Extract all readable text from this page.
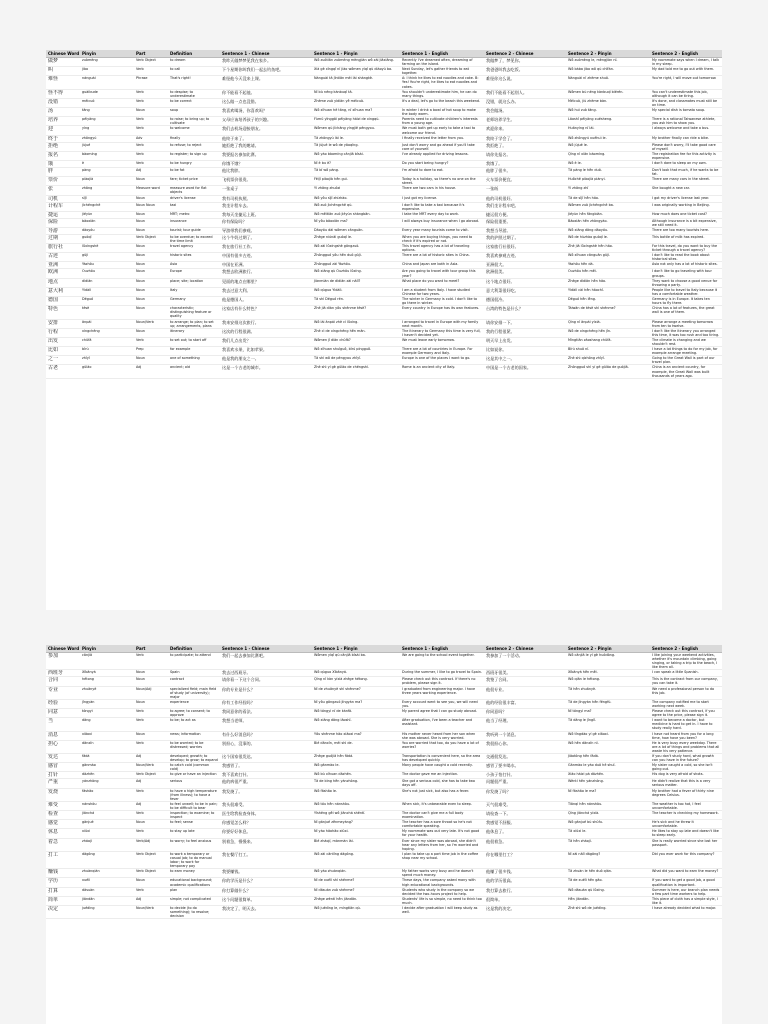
Chinese Word	Pinyin	Part	Definition	Sentence 1 - Chinese	Sentence 1 - Pinyin	Sentence 1 - English	Sentence 2 - Chinese	Sentence 2 - Pinyin	Sentence 2 - English
做梦	zuòmèng	Verb Object	to dream	我昨天做梦梦见我在家乡。	Wǒ zuótiān zuòmèng mèngjiàn wǒ zài jiāxiāng.	Recently I've dreamed often, dreaming of farming on the island.	我做梦了，梦见你。	Wǒ zuòmèng le, mèngjiàn nǐ.	My roommate says when I dream, I talk in my sleep.
叫	jiào	Verb	to call	下个星期你叫我们一起去钓鱼吧。	Xià gè xīngqī nǐ jiào wǒmen yìqǐ qù diàoyú ba.	Next Sunday, let's gather friends to eat together.	我爸爸叫我去吃饭。	Wǒ bàba jiào wǒ qù chīfàn.	My dad told me to go out with them.
难怪	nánguài	Phrase	That's right!	难怪他今天没来上课。	Nánguài tā jīntiān méi lái shàngkè.	A: I think he likes to eat noodles and cake. B: Yes! You're right, he likes to eat noodles and cakes.	难怪你这么说。	Nánguài nǐ zhème shuō.	You're right, I will move out tomorrow.
怪不得	guàibude	Verb	to despise; to underestimate	你不能看不起他。	Nǐ bù néng kànbuqǐ tā.	You shouldn't underestimate him, he can do many things.	我们不能看不起别人。	Wǒmen bù néng kànbuqǐ biérén.	You can't underestimate this job, although it can be tiring.
没错	méicuò	Verb	to be correct	这么做一点也没错。	Zhème zuò yìdiǎn yě méicuò.	It's a deal, let's go to the beach this weekend.	没错，就这么办。	Méicuò, jiù zhème bàn.	It's done, and classmates must still be on time.
汤	tāng	Noun	soup	我喜欢喝汤，你喜欢吗？	Wǒ xǐhuan hē tāng, nǐ xǐhuan ma?	In winter I drink a bowl of hot soup to make the body warm.	我会做汤。	Wǒ huì zuò tāng.	My special dish is tomato soup.
培养	péiyǎng	Verb	to raise; to bring up; to cultivate	父母应该培养孩子的兴趣。	Fùmǔ yīnggāi péiyǎng háizi de xìngqù.	Parents need to cultivate children's interests from a young age.	老师培养学生。	Lǎoshī péiyǎng xuésheng.	There is a rational Taiwanese athlete, you ask him to show you.
迎	yíng	Verb	to welcome	我们去机场迎接朋友。	Wǒmen qù jīchǎng yíngjiē péngyou.	We must both get up early to take a taxi to welcome our friend.	欢迎你来。	Huānyíng nǐ lái.	I always welcome and take a bus.
终于	zhōngyú	Adv	finally	他终于来了。	Tā zhōngyú lái le.	I finally received the letter from you.	我终于学会了。	Wǒ zhōngyú xuéhuì le.	My brother finally can ride a bike.
拒绝	jùjué	Verb	to refuse; to reject	她拒绝了我的邀请。	Tā jùjué le wǒ de yāoqǐng.	Just don't worry and go ahead if you'll take care of yourself.	我拒绝了。	Wǒ jùjué le.	Please don't worry, I'll take good care of myself.
报名	bàomíng	Verb	to register; to sign up	我要报名参加比赛。	Wǒ yào bàomíng cānjiā bǐsài.	I've already applied for driving lessons.	请你先报名。	Qǐng nǐ xiān bàomíng.	The registration fee for this activity is expensive.
饿	è	Verb	to be hungry	你饿不饿？	Nǐ è bu è?	Do you start being hungry?	我饿了。	Wǒ è le.	I don't dare to sleep on my own.
胖	pàng	Adj	to be fat	他比我胖。	Tā bǐ wǒ pàng.	I'm afraid to dare to eat.	他胖了很多。	Tā pàng le hěn duō.	Don't look that much, if he wants to be fat.
票价	piàojià	Noun	fare; ticket price	飞机票价很贵。	Fēijī piàojià hěn guì.	Today is a holiday, so there's no one on the street.	火车票价便宜。	Huǒchē piàojià piányi.	There are many cars in the street.
张	zhāng	Measure word	measure word for flat objects	一张桌子	Yì zhāng zhuōzi	There are two cars in his house.	一张纸	Yì zhāng zhǐ	She bought a new car.
司机	sījī	Noun	driver's license	我有司机执照。	Wǒ yǒu sījī zhízhào.	I just got my license.	他的司机很好。	Tā de sījī hěn hǎo.	I got my driver's license last year.
计程车	jìchéngchē	Noun Noun	taxi	我坐计程车去。	Wǒ zuò jìchéngchē qù.	I don't like to take a taxi because it's expensive.	我们坐计程车吧。	Wǒmen zuò jìchéngchē ba.	I was originally working in Beijing.
捷运	jiéyùn	Noun	MRT; metro	我每天坐捷运上班。	Wǒ měitiān zuò jiéyùn shàngbān.	I take the MRT every day to work.	捷运很方便。	Jiéyùn hěn fāngbiàn.	How much does one ticket cost?
保险	bǎoxiǎn	Noun	insurance	你有保险吗？	Nǐ yǒu bǎoxiǎn ma?	I will always buy insurance when I go abroad.	保险很重要。	Bǎoxiǎn hěn zhòngyào.	Although insurance is a bit expensive, we still need it.
导游	dǎoyóu	Noun	tourist; tour guide	导游带我们参观。	Dǎoyóu dài wǒmen cānguān.	Every year many tourists come to visit.	我想当导游。	Wǒ xiǎng dāng dǎoyóu.	There are too many tourists here.
过期	guòqī	Verb Object	to be overdue; to exceed the time limit	这个牛奶过期了。	Zhège niúnǎi guòqī le.	When you are buying things, you need to check if it's expired or not.	我的护照过期了。	Wǒ de hùzhào guòqī le.	This bottle of milk has expired.
旅行社	lǚxíngshè	Noun	travel agency	我在旅行社工作。	Wǒ zài lǚxíngshè gōngzuò.	This travel agency has a lot of traveling options.	这家旅行社很好。	Zhè jiā lǚxíngshè hěn hǎo.	For this travel, do you want to buy the ticket through a travel agency?
古迹	gǔjì	Noun	historic sites	中国有很多古迹。	Zhōngguó yǒu hěn duō gǔjì.	There are a lot of historic sites in China.	我喜欢参观古迹。	Wǒ xǐhuan cānguān gǔjì.	I don't like to read the book about historical sites.
亚洲	Yàzhōu	Noun	Asia	中国在亚洲。	Zhōngguó zài Yàzhōu.	China and Japan are both in Asia.	亚洲很大。	Yàzhōu hěn dà.	Asia not only has a lot of historic sites.
欧洲	Ōuzhōu	Noun	Europe	我想去欧洲旅行。	Wǒ xiǎng qù Ōuzhōu lǚxíng.	Are you going to travel with tour group this year?	欧洲很美。	Ōuzhōu hěn měi.	I don't like to go traveling with tour groups.
地点	dìdiǎn	Noun	place; site; location	见面的地点在哪里？	Jiànmiàn de dìdiǎn zài nǎlǐ?	What place do you want to meet?	这个地点很好。	Zhège dìdiǎn hěn hǎo.	They want to choose a good venue for throwing a party.
意大利	Yìdàlì	Noun	Italy	我去过意大利。	Wǒ qùguo Yìdàlì.	I am a student from Italy. I have studied Chinese for two years.	意大利菜很好吃。	Yìdàlì cài hěn hǎochī.	People like to travel to Italy because it has a comfortable weather.
德国	Déguó	Noun	Germany	他是德国人。	Tā shì Déguó rén.	The winter in Germany is cold. I don't like to go there in winter.	德国很冷。	Déguó hěn lěng.	Germany is in Europe. It takes ten hours to fly there.
特色	tèsè	Noun	characteristic; distinguishing feature or quality	这家店有什么特色？	Zhè jiā diàn yǒu shénme tèsè?	Every country in Europe has its own features.	台湾的特色是什么？	Táiwān de tèsè shì shénme?	China has a lot of features, the great wall is one of them.
安排	ānpái	Noun/Verb	to arrange; to plan; to set up; arrangements, plans	我来安排这次旅行。	Wǒ lái ānpái zhè cì lǚxíng.	I arranged to travel in Europe with my family next month.	请你安排一下。	Qǐng nǐ ānpái yíxià.	Please arrange a meeting tomorrow from ten to twelve.
行程	xíngchéng	Noun	itinerary	这次的行程很满。	Zhè cì de xíngchéng hěn mǎn.	The itinerary to Germany this time is very full, I haven't decided yet.	我的行程很紧。	Wǒ de xíngchéng hěn jǐn.	I don't like the itinerary you arranged this time, it was too rush and too tiring.
出发	chūfā	Verb	to set out; to start off	我们几点出发？	Wǒmen jǐ diǎn chūfā?	We must leave early tomorrow.	明天早上出发。	Míngtiān zǎoshang chūfā.	The climate is changing and we shouldn't rest.
比如	bǐrú	Prep	for example	我喜欢水果，比如苹果。	Wǒ xǐhuan shuǐguǒ, bǐrú píngguǒ.	There are a lot of countries in Europe. For example Germany and Italy.	比如说你。	Bǐrú shuō nǐ.	I have a lot things to do for my job, for example arrange meeting.
之一	zhīyī	Noun	one of something	他是我的朋友之一。	Tā shì wǒ de péngyou zhīyī.	Europe is one of the places I want to go.	这是其中之一。	Zhè shì qízhōng zhīyī.	Going to the Great Wall is part of our travel plan.
古老	gǔlǎo	Adj	ancient; old	这是一个古老的城市。	Zhè shì yí gè gǔlǎo de chéngshì.	Rome is an ancient city of Italy.	中国是一个古老的国家。	Zhōngguó shì yí gè gǔlǎo de guójiā.	China is an ancient country, for example, the Great Wall was built thousands of years ago.
Chinese Word	Pinyin	Part	Definition	Sentence 1 - Chinese	Sentence 1 - Pinyin	Sentence 1 - English	Sentence 2 - Chinese	Sentence 2 - Pinyin	Sentence 2 - English
参加	cānjiā	Verb	to participate; to attend	我们一起去参加比赛吧。	Wǒmen yìqǐ qù cānjiā bǐsài ba.	We are going to the school event together.	我参加了一个活动。	Wǒ cānjiā le yí gè huódòng.	I like joining your weekend activities, whether it's mountain climbing, going singing, or taking a trip to the beach, I like them all.
西班牙	Xībānyá	Noun	Spain	我去过西班牙。	Wǒ qùguo Xībānyá.	During the summer, I like to go travel to Spain.	西班牙很美。	Xībānyá hěn měi.	I can speak a little Spanish.
合同	hétong	Noun	contract	请你看一下这个合同。	Qǐng nǐ kàn yíxià zhège hétong.	Please check out this contract. If there's no problem, please sign it.	我签了合同。	Wǒ qiān le hétong.	This is the contract from our company, you can take it.
专业	zhuānyè	Noun/Adj	specialized field; main field of study (of university); major	你的专业是什么？	Nǐ de zhuānyè shì shénme?	I graduated from engineering major. I have three years working experience.	他很专业。	Tā hěn zhuānyè.	We need a professional person to do this job.
经验	jīngyàn	Noun	experience	你有工作经验吗？	Nǐ yǒu gōngzuò jīngyàn ma?	Every account went to see you, we will need you.	他的经验很丰富。	Tā de jīngyàn hěn fēngfù.	The company notified me to start working next week.
同意	tóngyì	Verb	to agree; to consent; to approve	我同意你的看法。	Wǒ tóngyì nǐ de kànfǎ.	My parent agree that I can go study abroad.	你同意吗？	Nǐ tóngyì ma?	Please check out this contract, if you agree to the price, please sign it.
当	dāng	Verb	to be; to act as	我想当老师。	Wǒ xiǎng dāng lǎoshī.	After graduation, I've been a teacher and assistant.	他当了经理。	Tā dāng le jīnglǐ.	I want to become a doctor, but medicine is hard to get in. I have to study really hard.
消息	xiāoxi	Noun	news; information	有什么好消息吗？	Yǒu shénme hǎo xiāoxi ma?	His mother never heard from her son when she was abroad. She is very worried.	我听到一个消息。	Wǒ tīngdào yí gè xiāoxi.	I have not heard from you for a long time, how have you been?
担心	dānxīn	Verb	to be worried; to be distressed; worries	别担心，没事的。	Bié dānxīn, méi shì de.	You are worried that too, do you have a lot of worries?	我很担心你。	Wǒ hěn dānxīn nǐ.	He is very busy every weekday. There are a lot of things and problems that all waste his very patience.
发达	fādá	Adj	developed; growth; to develop; to grow; to expand	这个国家很发达。	Zhège guójiā hěn fādá.	Transportation is convenient here, so the area has developed quickly.	交通很发达。	Jiāotōng hěn fādá.	If you don't study hard, what growth can you have in the future?
感冒	gǎnmào	Noun/Verb	to catch cold (common cold)	我感冒了。	Wǒ gǎnmào le.	Many people have caught a cold recently.	感冒了要多喝水。	Gǎnmào le yào duō hē shuǐ.	My sister caught a cold, so she isn't going out.
打针	dǎzhēn	Verb Object	to give or have an injection	我不喜欢打针。	Wǒ bù xǐhuan dǎzhēn.	The doctor gave me an injection.	小孩子怕打针。	Xiǎo háizi pà dǎzhēn.	His dog is very afraid of shots.
严重	yánzhòng	Adj	serious	他的病很严重。	Tā de bìng hěn yánzhòng.	She got a serious cold, she has to take two days off.	问题很严重。	Wèntí hěn yánzhòng.	He didn't realize that this is a very serious matter.
发烧	fāshāo	Verb	to have a high temperature (from illness); to have a fever	我发烧了。	Wǒ fāshāo le.	She's not just sick, but also has a fever.	你发烧了吗？	Nǐ fāshāo le ma?	My brother had a fever of thirty nine degrees Celsius.
难受	nánshòu	Adj	to feel unwell; to be in pain; to be difficult to bear	我头很难受。	Wǒ tóu hěn nánshòu.	When sick, it's unbearable even to sleep.	天气很难受。	Tiānqì hěn nánshòu.	The weather is too hot, I feel uncomfortable.
检查	jiǎnchá	Verb	inspection; to examine; to inspect	医生给我检查身体。	Yīshēng gěi wǒ jiǎnchá shēntǐ.	The doctor can't give me a full body examination.	请检查一下。	Qǐng jiǎnchá yíxià.	The teacher is checking my homework.
感觉	gǎnjué	Noun	to feel; sense	你感觉怎么样？	Nǐ gǎnjué zěnmeyàng?	The teacher has a sore throat so he's not comfortable speaking.	我感觉不舒服。	Wǒ gǎnjué bù shūfu.	He's sick and he threw it uncomfortable.
休息	xiūxi	Verb	to stay up late	你要好好休息。	Nǐ yào hǎohāo xiūxi.	My roommate was out very late. It's not good for your health.	他休息了。	Tā xiūxi le.	He likes to stay up late and doesn't like to sleep early.
着急	zháojí	Verb/Adj	to worry; to feel anxious	别着急，慢慢来。	Bié zháojí, mànmàn lái.	Ever since my sister was abroad, she didn't hear any letters from her, so I'm worried and hoping.	他很着急。	Tā hěn zháojí.	She is really worried since she lost her passport.
打工	dǎgōng	Verb Object	to work a temporary or casual job; to do manual labor; to work for temporary pay	我在餐厅打工。	Wǒ zài cāntīng dǎgōng.	I plan to take up a part time job in the coffee shop near my school.	你在哪里打工？	Nǐ zài nǎlǐ dǎgōng?	Did you ever work for this company?
赚钱	zhuànqián	Verb Object	to earn money	我要赚钱。	Wǒ yào zhuànqián.	My father works very busy and he doesn't spend much money.	他赚了很多钱。	Tā zhuàn le hěn duō qián.	What did you want to earn the money?
学历	xuélì	Noun	educational background; academic qualifications	你的学历是什么？	Nǐ de xuélì shì shénme?	These days, the company asked many with high educational backgrounds.	他的学历很高。	Tā de xuélì hěn gāo.	If you want to get a good job, a good qualification is important.
打算	dǎsuàn	Verb	plan	你打算做什么？	Nǐ dǎsuàn zuò shénme?	Students who study in the company so we decided the two-hours project to help.	我打算去旅行。	Wǒ dǎsuàn qù lǚxíng.	Summer is here, our branch plan needs a few part time workers to help.
简单	jiǎndān	Adj	simple; not complicated	这个问题很简单。	Zhège wèntí hěn jiǎndān.	Students' life is so simple, no need to think too much.	很简单。	Hěn jiǎndān.	This piece of cloth has a simple style, I like it.
决定	juédìng	Noun/Verb	to decide (to do something); to resolve; decision	我决定了，明天去。	Wǒ juédìng le, míngtiān qù.	I decide after graduation I will keep study as well.	这是我的决定。	Zhè shì wǒ de juédìng.	I have already decided what to major.
